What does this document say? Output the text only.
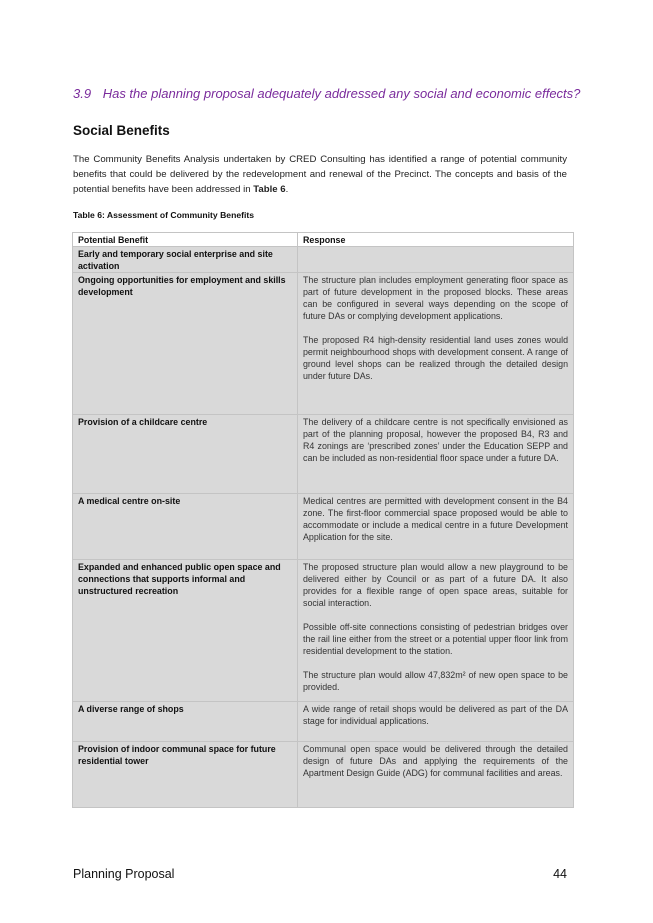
3.9 Has the planning proposal adequately addressed any social and economic effects?
Social Benefits

The Community Benefits Analysis undertaken by CRED Consulting has identified a range of potential community benefits that could be delivered by the redevelopment and renewal of the Precinct. The concepts and basis of the potential benefits have been addressed in Table 6.

Table 6: Assessment of Community Benefits
Potential Benefit	Response
Early and temporary social enterprise and site activation	
Ongoing opportunities for employment and skills development	The structure plan includes employment generating floor space as part of future development in the proposed blocks. These areas can be configured in several ways depending on the scope of future DAs or complying development applications.

The proposed R4 high-density residential land uses zones would permit neighbourhood shops with development consent. A range of ground level shops can be realized through the detailed design under future DAs.

Provision of a childcare centre	The delivery of a childcare centre is not specifically envisioned as part of the planning proposal, however the proposed B4, R3 and R4 zonings are ‘prescribed zones’ under the Education SEPP and can be included as non-residential floor space under a future DA.

A medical centre on-site	Medical centres are permitted with development consent in the B4 zone. The first-floor commercial space proposed would be able to accommodate or include a medical centre in a future Development Application for the site.

Expanded and enhanced public open space and connections that supports informal and unstructured recreation	The proposed structure plan would allow a new playground to be delivered either by Council or as part of a future DA. It also provides for a flexible range of open space areas, suitable for social interaction.

Possible off-site connections consisting of pedestrian bridges over the rail line either from the street or a potential upper floor link from residential development to the station.

The structure plan would allow 47,832m² of new open space to be provided.

A diverse range of shops	A wide range of retail shops would be delivered as part of the DA stage for individual applications.

Provision of indoor communal space for future residential tower	Communal open space would be delivered through the detailed design of future DAs and applying the requirements of the Apartment Design Guide (ADG) for communal facilities and areas.

Planning Proposal	44
